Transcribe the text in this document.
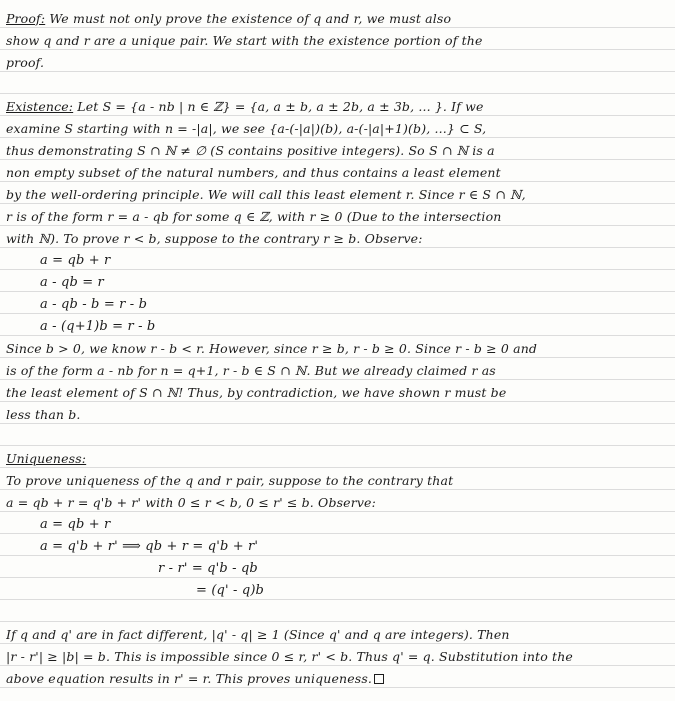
Proof: We must not only prove the existence of q and r, we must also
show q and r are a unique pair. We start with the existence portion of the
proof.
Existence: Let S = {a - nb | n ∈ ℤ} = {a, a ± b, a ± 2b, a ± 3b, ... }. If we
examine S starting with n = -|a|, we see {a-(-|a|)(b), a-(-|a|+1)(b), ...} ⊂ S,
thus demonstrating S ∩ ℕ ≠ ∅ (S contains positive integers). So S ∩ ℕ is a
non empty subset of the natural numbers, and thus contains a least element
by the well-ordering principle. We will call this least element r. Since r ∈ S ∩ ℕ,
r is of the form r = a - qb for some q ∈ ℤ, with r ≥ 0 (Due to the intersection
with ℕ). To prove r < b, suppose to the contrary r ≥ b. Observe:
a = qb + r
a - qb = r
a - qb - b = r - b
a - (q+1)b = r - b
Since b > 0, we know r - b < r. However, since r ≥ b, r - b ≥ 0. Since r - b ≥ 0 and
is of the form a - nb for n = q+1, r - b ∈ S ∩ ℕ. But we already claimed r as
the least element of S ∩ ℕ! Thus, by contradiction, we have shown r must be
less than b.
Uniqueness:
To prove uniqueness of the q and r pair, suppose to the contrary that
a = qb + r = q'b + r' with 0 ≤ r < b, 0 ≤ r' ≤ b. Observe:
a = qb + r
a = q'b + r' ⟹ qb + r = q'b + r'
r - r' = q'b - qb
= (q' - q)b
If q and q' are in fact different, |q' - q| ≥ 1 (Since q' and q are integers). Then
|r - r'| ≥ |b| = b. This is impossible since 0 ≤ r, r' < b. Thus q' = q. Substitution into the
above equation results in r' = r. This proves uniqueness.
